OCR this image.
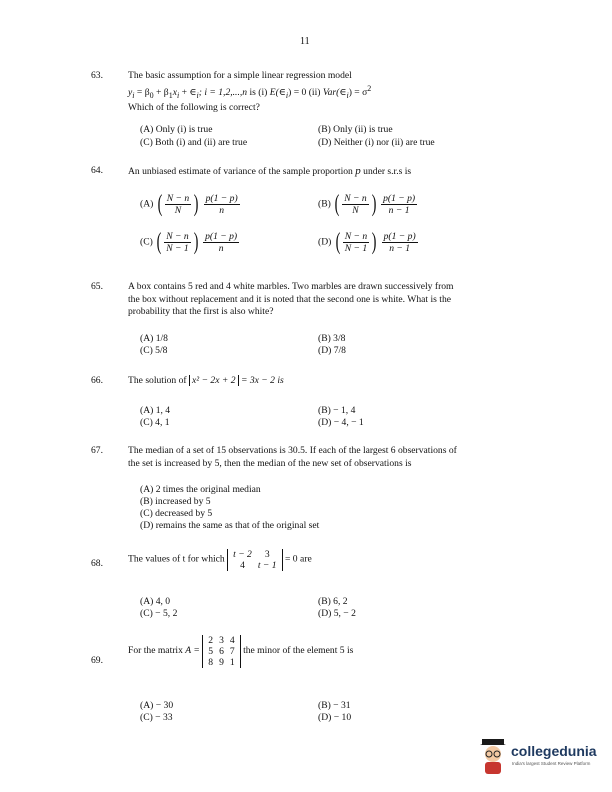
11
63.	The basic assumption for a simple linear regression model
$y_i = \beta_0 + \beta_1x_i$ + $\in_i$; i = 1,2,...,n is (i) $E(\in_i) = 0$ (ii) $Var(\in_i) = \sigma^2$
Which of the following is correct?
(A) Only (i) is true	(B) Only (ii) is true
(C) Both (i) and (ii) are true	(D) Neither (i) nor (ii) are true
64.	An unbiased estimate of variance of the sample proportion p under s.r.s is
(A) ( $\frac{N - n}{N}$ ) $\frac{p(1 - p)}{n}$	(B) ( $\frac{N - n}{N}$ ) $\frac{p(1 - p)}{n - 1}$
(C) ( $\frac{N - n}{N - 1}$ ) $\frac{p(1 - p)}{n}$	(D) ( $\frac{N - n}{N - 1}$ ) $\frac{p(1 - p)}{n - 1}$
65.	A box contains 5 red and 4 white marbles. Two marbles are drawn successively from
the box without replacement and it is noted that the second one is white. What is the
probability that the first is also white?
(A) 1/8	(B) 3/8
(C) 5/8	(D) 7/8
66.	The solution of x² − 2x + 2 = 3x − 2 is
(A) 1, 4	(B) − 1, 4
(C) 4, 1	(D) − 4, − 1
67.	The median of a set of 15 observations is 30.5. If each of the largest 6 observations of
the set is increased by 5, then the median of the new set of observations is
(A) 2 times the original median
(B) increased by 5
(C) decreased by 5
(D) remains the same as that of the original set
68.	The values of t for which t − 2	3
4	t − 1 = 0 are
(A) 4, 0	(B) 6, 2
(C) − 5, 2	(D) 5, − 2
69.
For the matrix A = 2	3	4
5	6	7
8	9	1 the minor of the element 5 is
(A) − 30	(B) − 31
(C) − 33	(D) − 10
collegedunia
India's largest Student Review Platform
